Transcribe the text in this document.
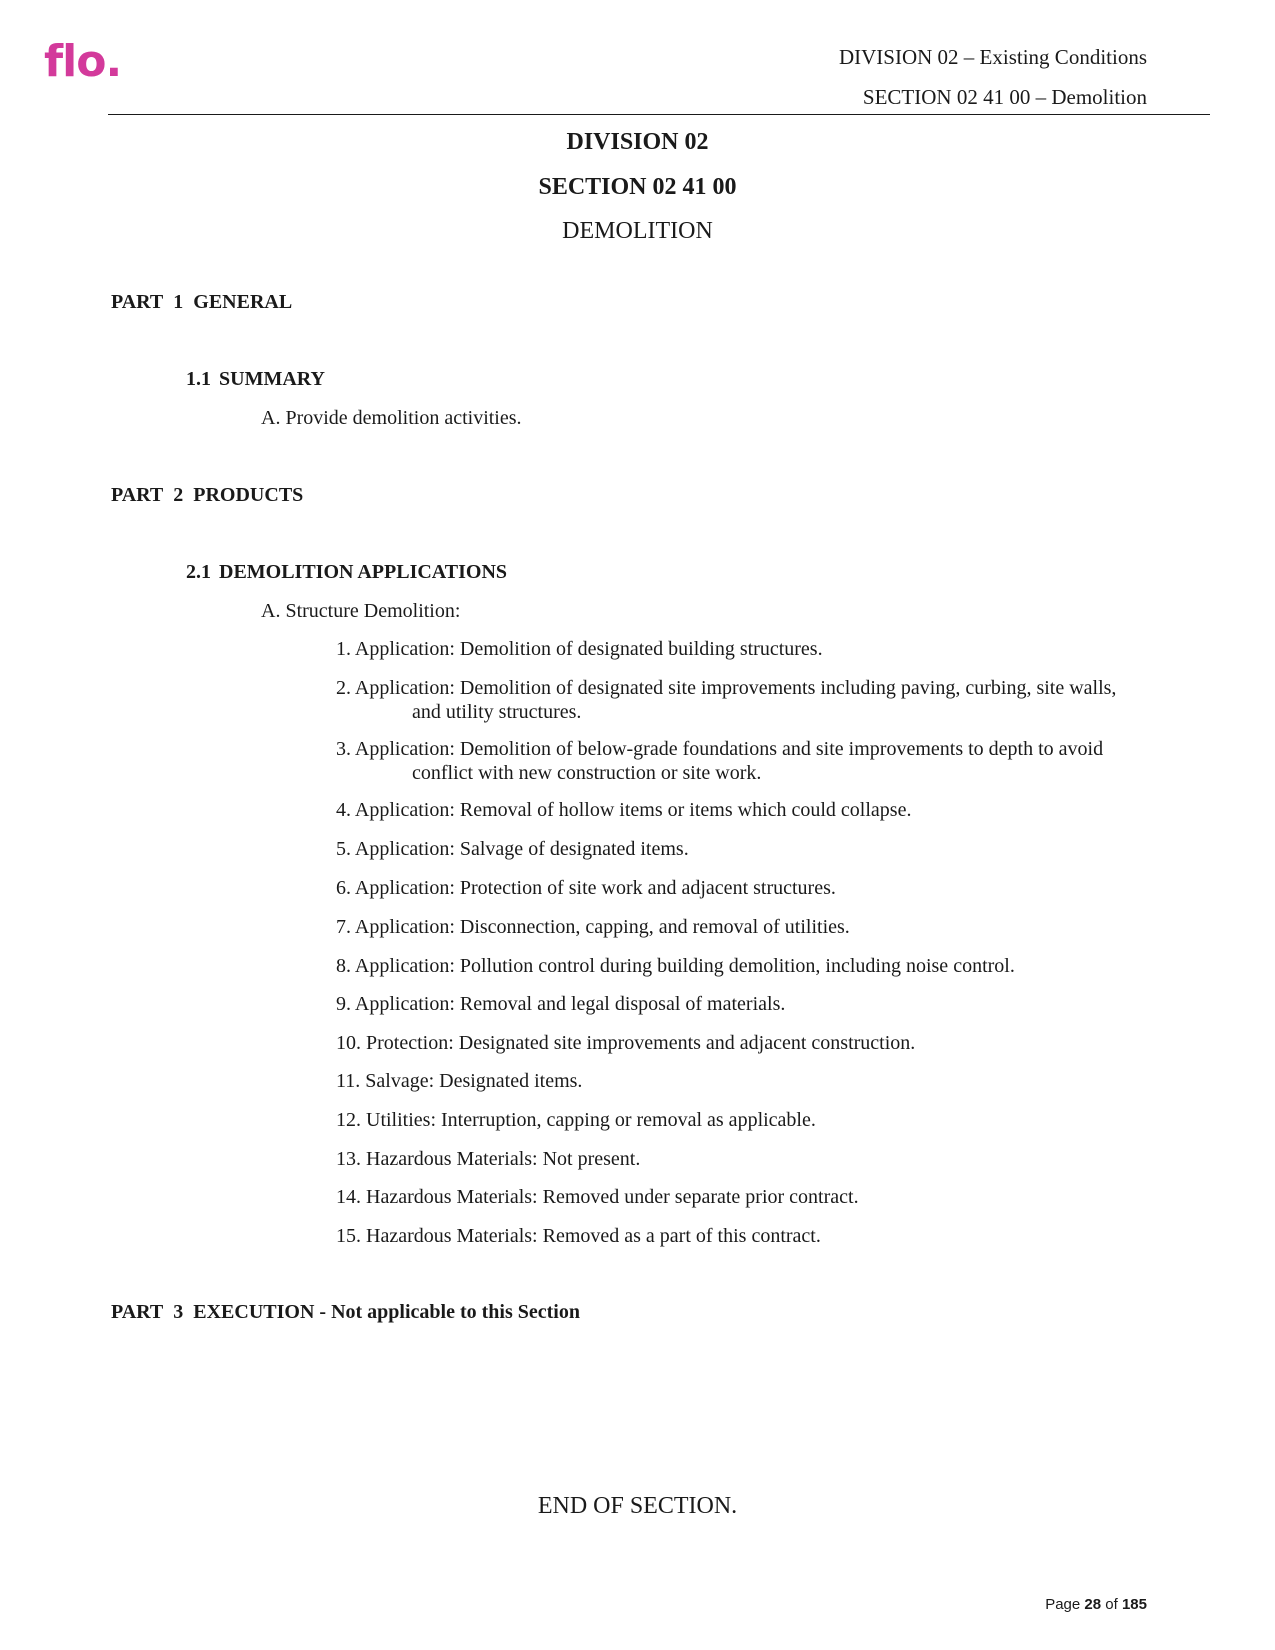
flo.	DIVISION 02 – Existing Conditions
SECTION 02 41 00 – Demolition
DIVISION 02
SECTION 02 41 00
DEMOLITION
PART 1 GENERAL
1.1 SUMMARY
A. Provide demolition activities.
PART 2 PRODUCTS
2.1 DEMOLITION APPLICATIONS
A. Structure Demolition:
1. Application: Demolition of designated building structures.
2. Application: Demolition of designated site improvements including paving, curbing, site walls,
and utility structures.
3. Application: Demolition of below-grade foundations and site improvements to depth to avoid
conflict with new construction or site work.
4. Application: Removal of hollow items or items which could collapse.
5. Application: Salvage of designated items.
6. Application: Protection of site work and adjacent structures.
7. Application: Disconnection, capping, and removal of utilities.
8. Application: Pollution control during building demolition, including noise control.
9. Application: Removal and legal disposal of materials.
10. Protection: Designated site improvements and adjacent construction.
11. Salvage: Designated items.
12. Utilities: Interruption, capping or removal as applicable.
13. Hazardous Materials: Not present.
14. Hazardous Materials: Removed under separate prior contract.
15. Hazardous Materials: Removed as a part of this contract.
PART 3 EXECUTION - Not applicable to this Section
END OF SECTION.
Page 28 of 185
